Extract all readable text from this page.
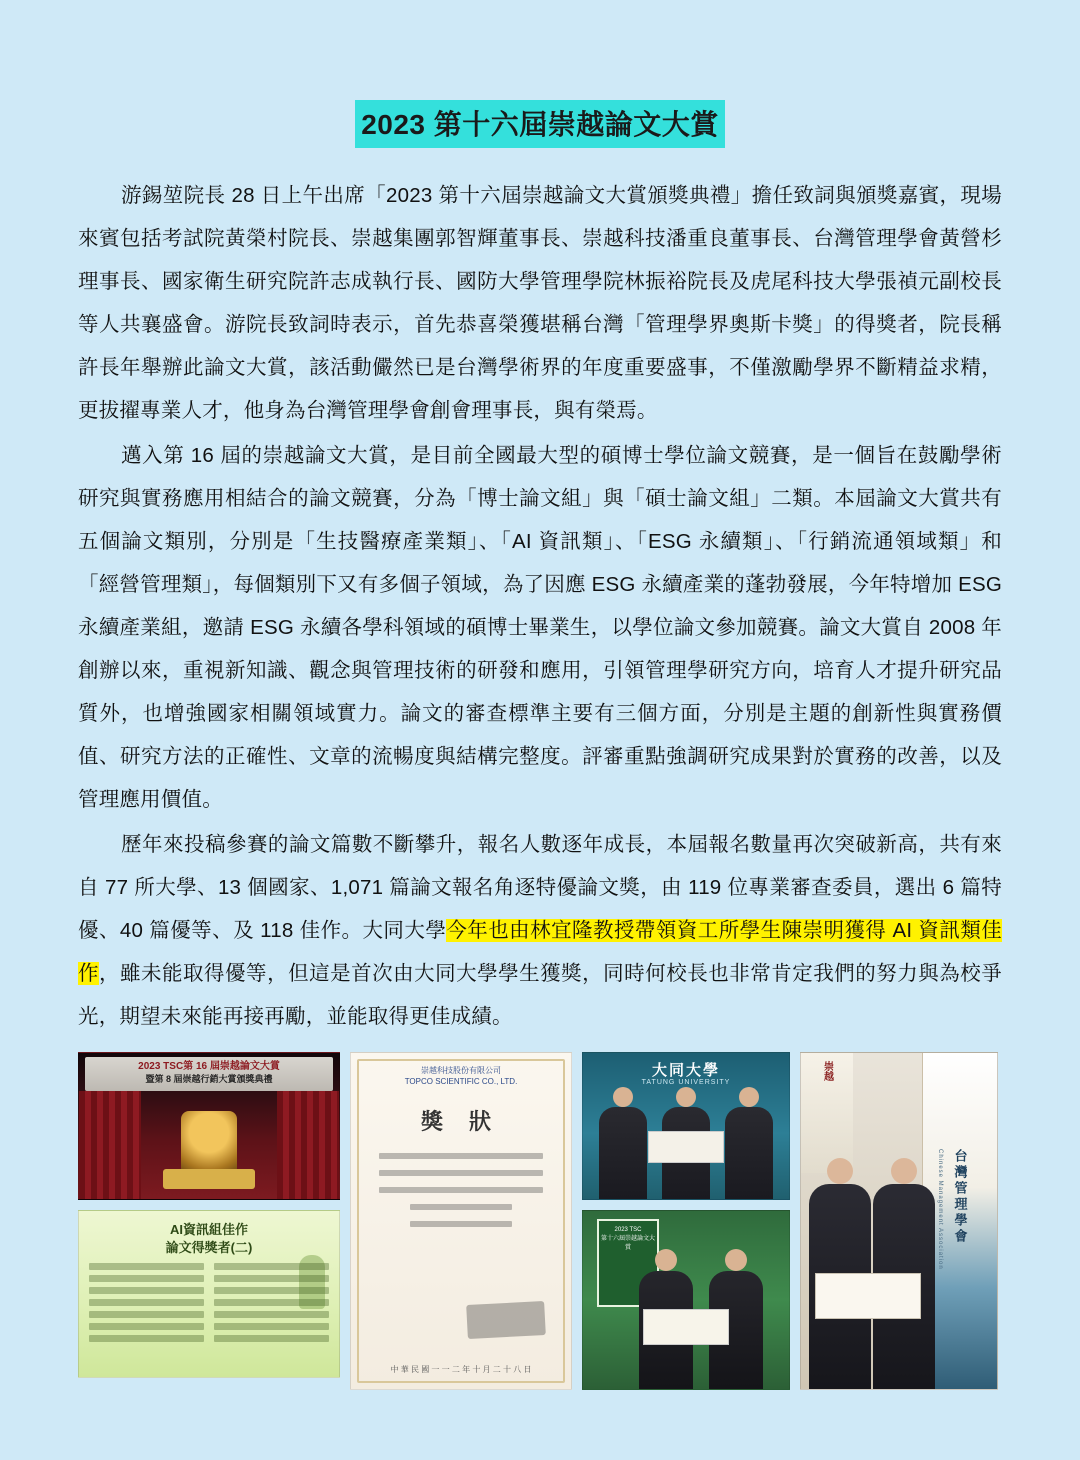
2023 第十六屆崇越論文大賞

游錫堃院長 28 日上午出席「2023 第十六屆崇越論文大賞頒獎典禮」擔任致詞與頒獎嘉賓，現場來賓包括考試院黃榮村院長、崇越集團郭智輝董事長、崇越科技潘重良董事長、台灣管理學會黃營杉理事長、國家衛生研究院許志成執行長、國防大學管理學院林振裕院長及虎尾科技大學張禎元副校長等人共襄盛會。游院長致詞時表示，首先恭喜榮獲堪稱台灣「管理學界奧斯卡獎」的得獎者，院長稱許長年舉辦此論文大賞，該活動儼然已是台灣學術界的年度重要盛事，不僅激勵學界不斷精益求精，更拔擢專業人才，他身為台灣管理學會創會理事長，與有榮焉。

邁入第 16 屆的崇越論文大賞，是目前全國最大型的碩博士學位論文競賽，是一個旨在鼓勵學術研究與實務應用相結合的論文競賽，分為「博士論文組」與「碩士論文組」二類。本屆論文大賞共有五個論文類別，分別是「生技醫療產業類」、「AI 資訊類」、「ESG 永續類」、「行銷流通領域類」和「經營管理類」，每個類別下又有多個子領域，為了因應 ESG 永續產業的蓬勃發展，今年特增加 ESG 永續產業組，邀請 ESG 永續各學科領域的碩博士畢業生，以學位論文參加競賽。論文大賞自 2008 年創辦以來，重視新知識、觀念與管理技術的研發和應用，引領管理學研究方向，培育人才提升研究品質外，也增強國家相關領域實力。論文的審查標準主要有三個方面，分別是主題的創新性與實務價值、研究方法的正確性、文章的流暢度與結構完整度。評審重點強調研究成果對於實務的改善，以及管理應用價值。

歷年來投稿參賽的論文篇數不斷攀升，報名人數逐年成長，本屆報名數量再次突破新高，共有來自 77 所大學、13 個國家、1,071 篇論文報名角逐特優論文獎，由 119 位專業審查委員，選出 6 篇特優、40 篇優等、及 118 佳作。大同大學今年也由林宜隆教授帶領資工所學生陳崇明獲得 AI 資訊類佳作，雖未能取得優等，但這是首次由大同大學學生獲獎，同時何校長也非常肯定我們的努力與為校爭光，期望未來能再接再勵，並能取得更佳成績。

2023 TSC第 16 屆崇越論文大賞
暨第 8 屆崇越行銷大賞頒獎典禮
AI資訊組佳作
論文得獎者(二)
崇越科技股份有限公司
TOPCO SCIENTIFIC CO., LTD.
獎 狀
中 華 民 國 一 一 二 年 十 月 二 十 八 日
大同大學
TATUNG UNIVERSITY
2023 TSC
第十六屆崇越論文大賞
台灣管理學會
Chinese Management Association
崇越
